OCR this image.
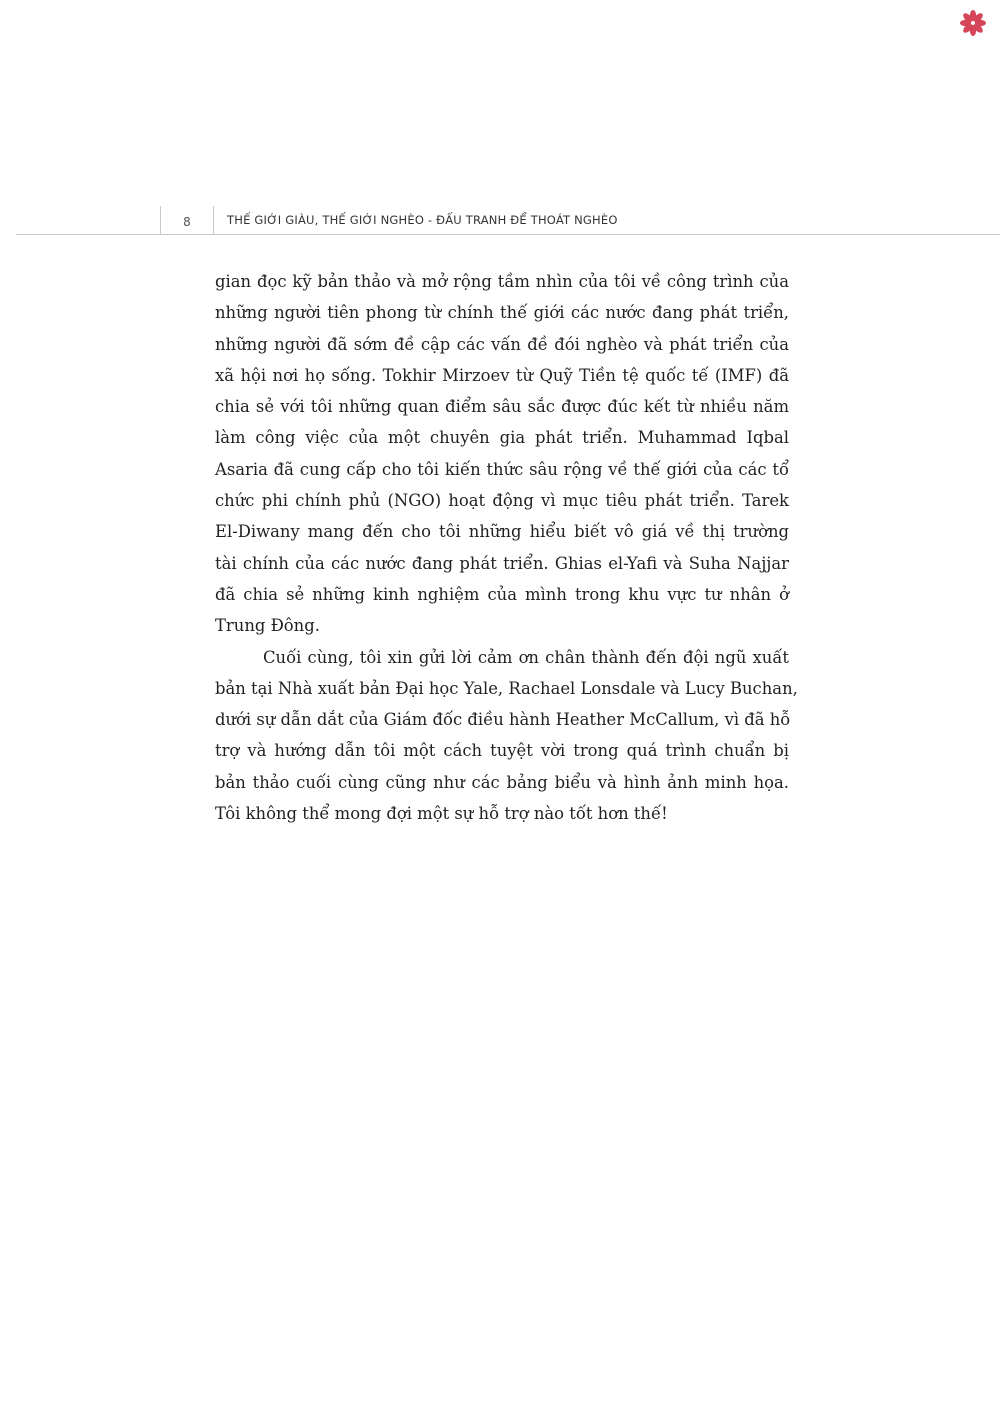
8	THẾ GIỚI GIÀU, THẾ GIỚI NGHÈO - ĐẤU TRANH ĐỂ THOÁT NGHÈO
gian đọc kỹ bản thảo và mở rộng tầm nhìn của tôi về công trình của
những người tiên phong từ chính thế giới các nước đang phát triển,
những người đã sớm đề cập các vấn đề đói nghèo và phát triển của
xã hội nơi họ sống. Tokhir Mirzoev từ Quỹ Tiền tệ quốc tế (IMF) đã
chia sẻ với tôi những quan điểm sâu sắc được đúc kết từ nhiều năm
làm công việc của một chuyên gia phát triển. Muhammad Iqbal
Asaria đã cung cấp cho tôi kiến thức sâu rộng về thế giới của các tổ
chức phi chính phủ (NGO) hoạt động vì mục tiêu phát triển. Tarek
El-Diwany mang đến cho tôi những hiểu biết vô giá về thị trường
tài chính của các nước đang phát triển. Ghias el-Yafi và Suha Najjar
đã chia sẻ những kinh nghiệm của mình trong khu vực tư nhân ở
Trung Đông.
Cuối cùng, tôi xin gửi lời cảm ơn chân thành đến đội ngũ xuất
bản tại Nhà xuất bản Đại học Yale, Rachael Lonsdale và Lucy Buchan,
dưới sự dẫn dắt của Giám đốc điều hành Heather McCallum, vì đã hỗ
trợ và hướng dẫn tôi một cách tuyệt vời trong quá trình chuẩn bị
bản thảo cuối cùng cũng như các bảng biểu và hình ảnh minh họa.
Tôi không thể mong đợi một sự hỗ trợ nào tốt hơn thế!
